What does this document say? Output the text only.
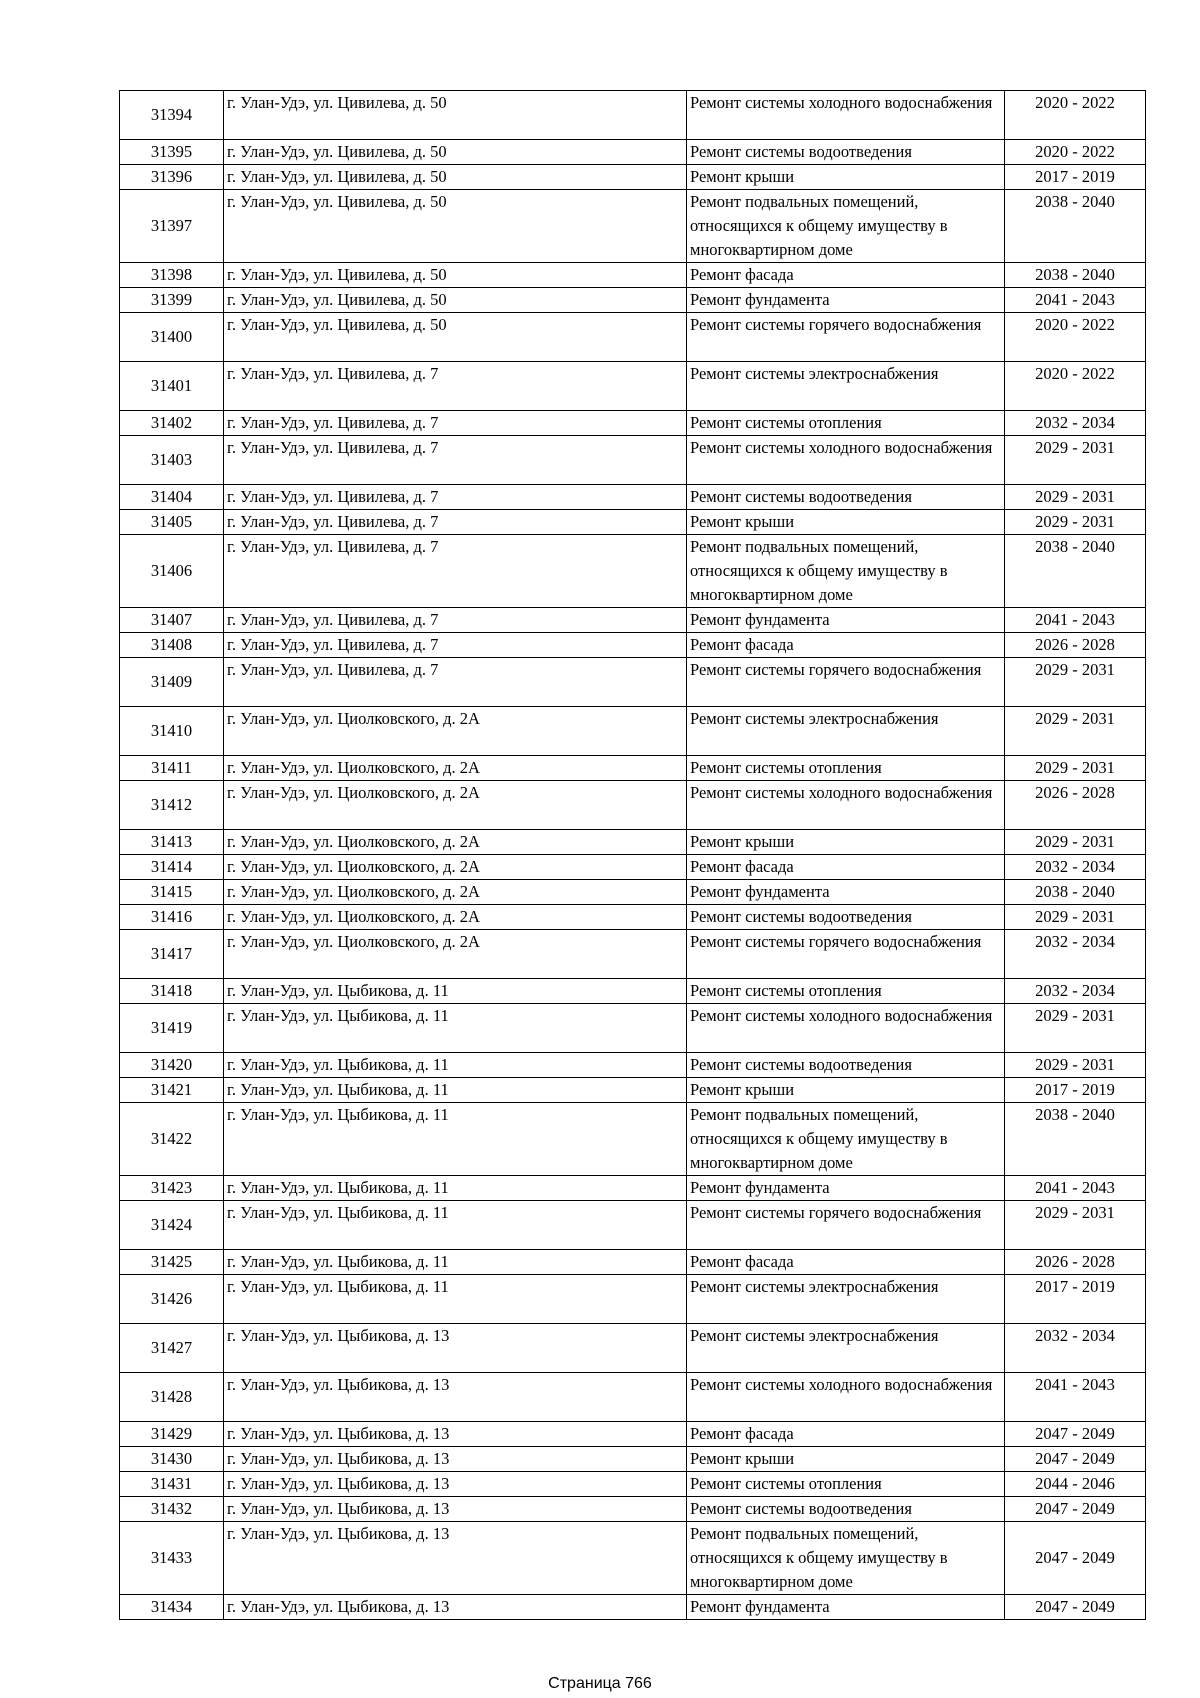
31394	г. Улан-Удэ, ул. Цивилева, д. 50	Ремонт системы холодного водоснабжения	2020 - 2022
31395	г. Улан-Удэ, ул. Цивилева, д. 50	Ремонт системы водоотведения	2020 - 2022
31396	г. Улан-Удэ, ул. Цивилева, д. 50	Ремонт крыши	2017 - 2019
31397	г. Улан-Удэ, ул. Цивилева, д. 50	Ремонт подвальных помещений, относящихся к общему имуществу в многоквартирном доме	2038 - 2040
31398	г. Улан-Удэ, ул. Цивилева, д. 50	Ремонт фасада	2038 - 2040
31399	г. Улан-Удэ, ул. Цивилева, д. 50	Ремонт фундамента	2041 - 2043
31400	г. Улан-Удэ, ул. Цивилева, д. 50	Ремонт системы горячего водоснабжения	2020 - 2022
31401	г. Улан-Удэ, ул. Цивилева, д. 7	Ремонт системы электроснабжения	2020 - 2022
31402	г. Улан-Удэ, ул. Цивилева, д. 7	Ремонт системы отопления	2032 - 2034
31403	г. Улан-Удэ, ул. Цивилева, д. 7	Ремонт системы холодного водоснабжения	2029 - 2031
31404	г. Улан-Удэ, ул. Цивилева, д. 7	Ремонт системы водоотведения	2029 - 2031
31405	г. Улан-Удэ, ул. Цивилева, д. 7	Ремонт крыши	2029 - 2031
31406	г. Улан-Удэ, ул. Цивилева, д. 7	Ремонт подвальных помещений, относящихся к общему имуществу в многоквартирном доме	2038 - 2040
31407	г. Улан-Удэ, ул. Цивилева, д. 7	Ремонт фундамента	2041 - 2043
31408	г. Улан-Удэ, ул. Цивилева, д. 7	Ремонт фасада	2026 - 2028
31409	г. Улан-Удэ, ул. Цивилева, д. 7	Ремонт системы горячего водоснабжения	2029 - 2031
31410	г. Улан-Удэ, ул. Циолковского, д. 2А	Ремонт системы электроснабжения	2029 - 2031
31411	г. Улан-Удэ, ул. Циолковского, д. 2А	Ремонт системы отопления	2029 - 2031
31412	г. Улан-Удэ, ул. Циолковского, д. 2А	Ремонт системы холодного водоснабжения	2026 - 2028
31413	г. Улан-Удэ, ул. Циолковского, д. 2А	Ремонт крыши	2029 - 2031
31414	г. Улан-Удэ, ул. Циолковского, д. 2А	Ремонт фасада	2032 - 2034
31415	г. Улан-Удэ, ул. Циолковского, д. 2А	Ремонт фундамента	2038 - 2040
31416	г. Улан-Удэ, ул. Циолковского, д. 2А	Ремонт системы водоотведения	2029 - 2031
31417	г. Улан-Удэ, ул. Циолковского, д. 2А	Ремонт системы горячего водоснабжения	2032 - 2034
31418	г. Улан-Удэ, ул. Цыбикова, д. 11	Ремонт системы отопления	2032 - 2034
31419	г. Улан-Удэ, ул. Цыбикова, д. 11	Ремонт системы холодного водоснабжения	2029 - 2031
31420	г. Улан-Удэ, ул. Цыбикова, д. 11	Ремонт системы водоотведения	2029 - 2031
31421	г. Улан-Удэ, ул. Цыбикова, д. 11	Ремонт крыши	2017 - 2019
31422	г. Улан-Удэ, ул. Цыбикова, д. 11	Ремонт подвальных помещений, относящихся к общему имуществу в многоквартирном доме	2038 - 2040
31423	г. Улан-Удэ, ул. Цыбикова, д. 11	Ремонт фундамента	2041 - 2043
31424	г. Улан-Удэ, ул. Цыбикова, д. 11	Ремонт системы горячего водоснабжения	2029 - 2031
31425	г. Улан-Удэ, ул. Цыбикова, д. 11	Ремонт фасада	2026 - 2028
31426	г. Улан-Удэ, ул. Цыбикова, д. 11	Ремонт системы электроснабжения	2017 - 2019
31427	г. Улан-Удэ, ул. Цыбикова, д. 13	Ремонт системы электроснабжения	2032 - 2034
31428	г. Улан-Удэ, ул. Цыбикова, д. 13	Ремонт системы холодного водоснабжения	2041 - 2043
31429	г. Улан-Удэ, ул. Цыбикова, д. 13	Ремонт фасада	2047 - 2049
31430	г. Улан-Удэ, ул. Цыбикова, д. 13	Ремонт крыши	2047 - 2049
31431	г. Улан-Удэ, ул. Цыбикова, д. 13	Ремонт системы отопления	2044 - 2046
31432	г. Улан-Удэ, ул. Цыбикова, д. 13	Ремонт системы водоотведения	2047 - 2049
31433	г. Улан-Удэ, ул. Цыбикова, д. 13	Ремонт подвальных помещений, относящихся к общему имуществу в многоквартирном доме	2047 - 2049
31434	г. Улан-Удэ, ул. Цыбикова, д. 13	Ремонт фундамента	2047 - 2049
Страница 766
